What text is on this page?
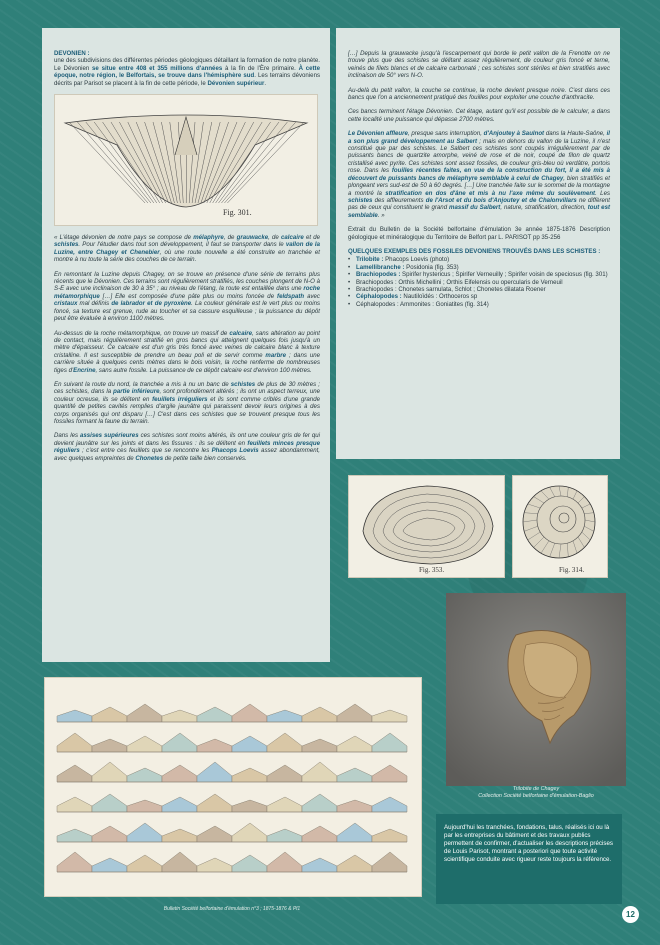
DEVONIEN :
une des subdivisions des différentes périodes géologiques détaillant la formation de notre planète. Le Dévonien se situe entre 408 et 355 millions d'années à la fin de l'Ère primaire. À cette époque, notre région, le Belfortais, se trouve dans l'hémisphère sud. Les terrains dévoniens décrits par Parisot se placent à la fin de cette période, le Dévonien supérieur.

Fig. 301.

« L'étage dévonien de notre pays se compose de mélaphyre, de grauwacke, de calcaire et de schistes. Pour l'étudier dans tout son développement, il faut se transporter dans le vallon de la Luzine, entre Chagey et Chenebier, où une route nouvelle a été construite en tranchée et montre à nu toute la série des couches de ce terrain.

En remontant la Luzine depuis Chagey, on se trouve en présence d'une série de terrains plus récents que le Dévonien. Ces terrains sont régulièrement stratifiés, les couches plongent de N-O à S-E avec une inclinaison de 30 à 35° ; au niveau de l'étang, la route est entaillée dans une roche métamorphique […] Elle est composée d'une pâte plus ou moins foncée de feldspath avec cristaux mal définis de labrador et de pyroxène. La couleur générale est le vert plus ou moins foncé, sa texture est grenue, rude au toucher et sa cassure esquilleuse ; la puissance du dépôt peut être évaluée à environ 1100 mètres.

Au-dessus de la roche métamorphique, on trouve un massif de calcaire, sans altération au point de contact, mais régulièrement stratifié en gros bancs qui atteignent quelques fois jusqu'à un mètre d'épaisseur. Ce calcaire est d'un gris très foncé avec veines de calcaire blanc à texture cristalline. Il est susceptible de prendre un beau poli et de servir comme marbre ; dans une carrière située à quelques cents mètres dans le bois voisin, la roche renferme de nombreuses tiges d'Encrine, sans autre fossile. La puissance de ce dépôt calcaire est d'environ 100 mètres.

En suivant la route du nord, la tranchée a mis à nu un banc de schistes de plus de 30 mètres ; ces schistes, dans la partie inférieure, sont profondément altérés ; ils ont un aspect terreux, une couleur ocreuse, ils se délitent en feuillets irréguliers et ils sont comme criblés d'une grande quantité de petites cavités remplies d'argile jaunâtre qui paraissent devoir leurs origines à des corps organisés qui ont disparu […] C'est dans ces schistes que se trouvent presque tous les fossiles formant la faune du terrain.

Dans les assises supérieures ces schistes sont moins altérés, ils ont une couleur gris de fer qui devient jaunâtre sur les joints et dans les fissures : ils se délitent en feuillets minces presque réguliers ; c'est entre ces feuillets que se rencontre les Phacops Loevis assez abondamment, avec quelques empreintes de Chonetes de petite taille bien conservés.

[…] Depuis la grauwacke jusqu'à l'escarpement qui borde le petit vallon de la Frenotte on ne trouve plus que des schistes se délitant assez régulièrement, de couleur gris foncé et terne, veinés de filets blancs et de calcaire carbonaté ; ces schistes sont stériles et bien stratifiés avec inclinaison de 50° vers N-O.

Au-delà du petit vallon, la couche se continue, la roche devient presque noire. C'est dans ces bancs que l'on a anciennement pratiqué des fouilles pour exploiter une couche d'anthracite.

Ces bancs terminent l'étage Dévonien. Cet étage, autant qu'il est possible de le calculer, a dans cette localité une puissance qui dépasse 2700 mètres.

Le Dévonien affleure, presque sans interruption, d'Anjoutey à Saulnot dans la Haute-Saône, il a son plus grand développement au Salbert ; mais en dehors du vallon de la Luzine, il n'est constitué que par des schistes. Le Salbert ces schistes sont coupés irrégulièrement par de puissants bancs de quartzite amorphe, veiné de rose et de noir, coupé de filon de quartz cristallisé avec pyrite. Ces schistes sont assez fossiles, de couleur gris-bleu où verdâtre, portois rose. Dans les fouilles récentes faites, en vue de la construction du fort, il a été mis à découvert de puissants bancs de mélaphyre semblable à celui de Chagey, bien stratifiés et plongeant vers sud-est de 50 à 60 degrés. […] Une tranchée faite sur le sommet de la montagne a montré la stratification en dos d'âne et mis à nu l'axe même du soulèvement. Les schistes des affleurements de l'Arsot et du bois d'Anjoutey et de Chalonvillars ne diffèrent pas de ceux qui constituent le grand massif du Salbert, nature, stratification, direction, tout est semblable. »

Extrait du Bulletin de la Société belfortaine d'émulation 3e année 1875-1876 Description géologique et minéralogique du Territoire de Belfort par L. PARISOT pp 35-256

QUELQUES EXEMPLES DES FOSSILES DEVONIENS TROUVÉS DANS LES SCHISTES :

• Trilobite : Phacops Loevis (photo)
• Lamellibranche : Posidonia (fig. 353)
• Brachiopodes : Spirifer hystericus ; Spirifer Verneuilly ; Spirifer voisin de speciosus (fig. 301)
• Brachiopodes : Orthis Michellini ; Orthis Eifelensis ou opercularis de Verneuil
• Brachiopodes : Chonetes sarnulata, Schlot ; Chonetes dilatata Roener
• Céphalopodes : Nautiloïdés : Orthoceros sp
• Céphalopodes : Ammonites : Goniatites (fig. 314)
Fig. 353.	Fig. 314.
Trilobite de Chagey
Collection Société belfortaine d'émulation-Baglio
Bulletin Société belfortaine d'émulation n°3 ; 1875-1876 & Pl1
Aujourd'hui les tranchées, fondations, talus, réalisés ici ou là par les entreprises du bâtiment et des travaux publics permettent de confirmer, d'actualiser les descriptions précises de Louis Parisot, montrant a posteriori que toute activité scientifique conduite avec rigueur reste toujours la référence.
12
